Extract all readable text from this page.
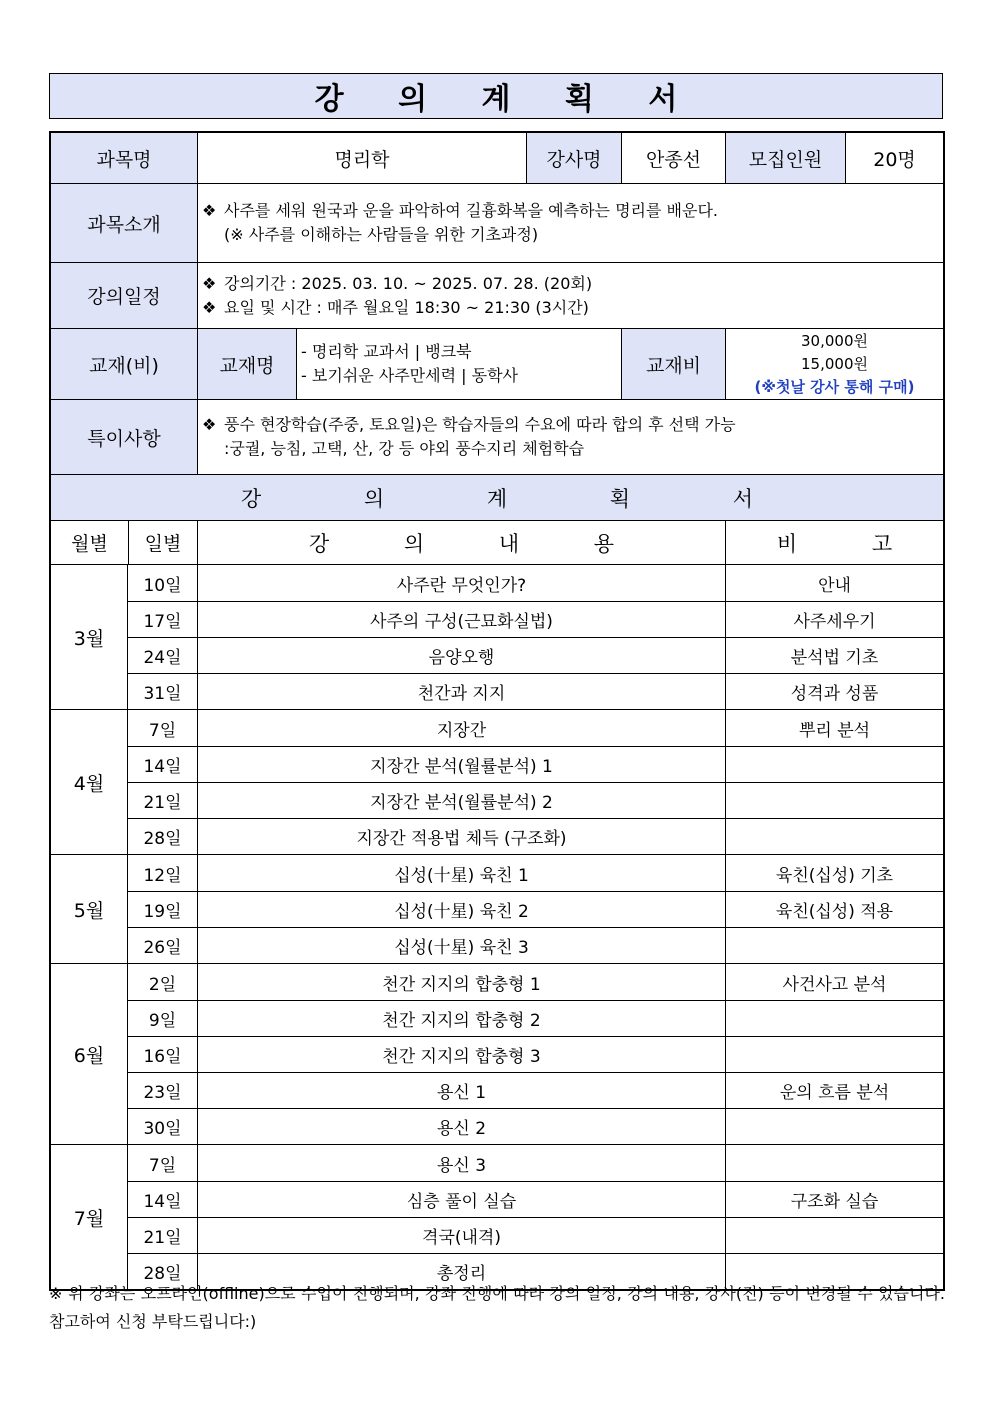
강 의 계 획 서
과목명	명리학	강사명	안종선	모집인원	20명
과목소개
❖ 사주를 세워 원국과 운을 파악하여 길흉화복을 예측하는 명리를 배운다.
(※ 사주를 이해하는 사람들을 위한 기초과정)
강의일정
❖ 강의기간 : 2025. 03. 10. ~ 2025. 07. 28. (20회)
❖ 요일 및 시간 : 매주 월요일 18:30 ~ 21:30 (3시간)
교재(비)	교재명
- 명리학 교과서 | 뱅크북
- 보기쉬운 사주만세력 | 동학사	교재비
30,000원
15,000원
(※첫날 강사 통해 구매)
특이사항
❖ 풍수 현장학습(주중, 토요일)은 학습자들의 수요에 따라 합의 후 선택 가능
:궁궐, 능침, 고택, 산, 강 등 야외 풍수지리 체험학습
강 의 계 획 서
월별	일별	강 의 내 용	비 고
3월
10일	사주란 무엇인가?	안내
17일	사주의 구성(근묘화실법)	사주세우기
24일	음양오행	분석법 기초
31일	천간과 지지	성격과 성품
4월
7일	지장간	뿌리 분석
14일	지장간 분석(월률분석) 1
21일	지장간 분석(월률분석) 2
28일	지장간 적용법 체득 (구조화)
5월
12일	십성(十星) 육친 1	육친(십성) 기초
19일	십성(十星) 육친 2	육친(십성) 적용
26일	십성(十星) 육친 3
6월
2일	천간 지지의 합충형 1	사건사고 분석
9일	천간 지지의 합충형 2
16일	천간 지지의 합충형 3
23일	용신 1	운의 흐름 분석
30일	용신 2
7월
7일	용신 3
14일	심층 풀이 실습	구조화 실습
21일	격국(내격)
28일	총정리
※ 위 강좌는 오프라인(offline)으로 수업이 진행되며, 강좌 진행에 따라 강의 일정, 강의 내용, 강사(진) 등이 변경될 수 있습니다. 참고하여 신청 부탁드립니다:)
